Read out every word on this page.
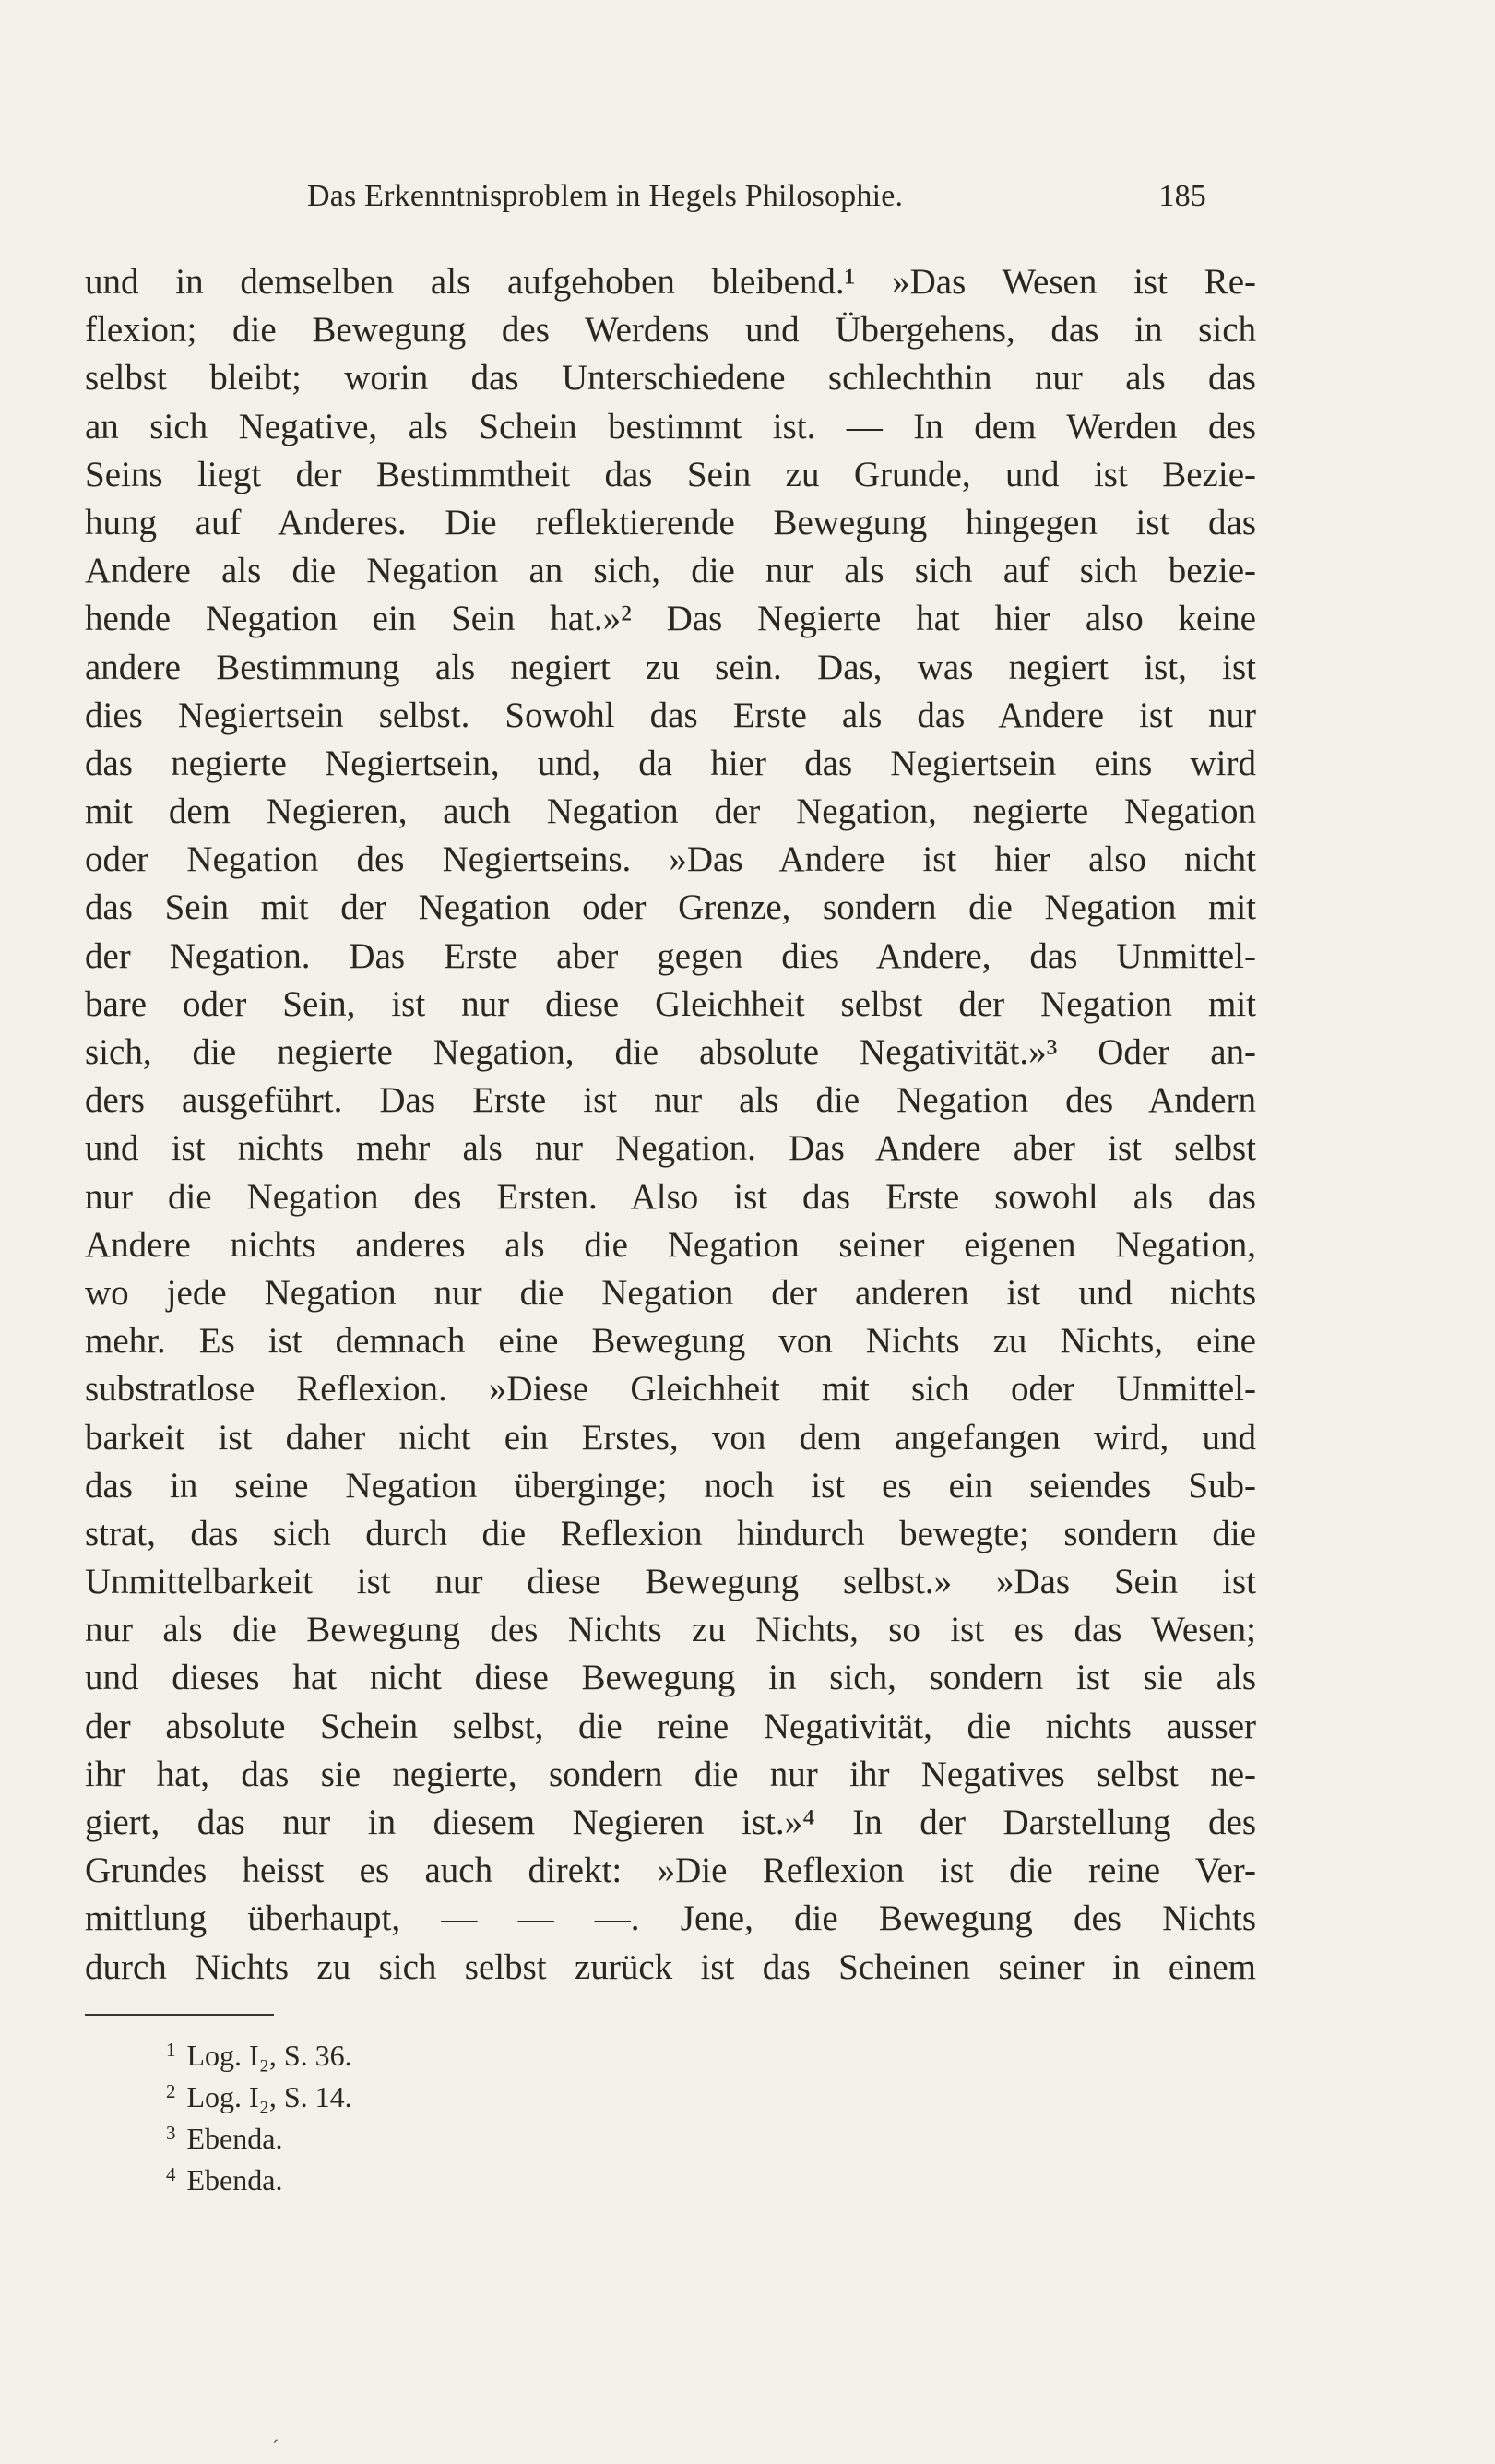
Das Erkenntnisproblem in Hegels Philosophie.	185
und in demselben als aufgehoben bleibend.¹ »Das Wesen ist Re-
flexion; die Bewegung des Werdens und Übergehens, das in sich
selbst bleibt; worin das Unterschiedene schlechthin nur als das
an sich Negative, als Schein bestimmt ist. — In dem Werden des
Seins liegt der Bestimmtheit das Sein zu Grunde, und ist Bezie-
hung auf Anderes. Die reflektierende Bewegung hingegen ist das
Andere als die Negation an sich, die nur als sich auf sich bezie-
hende Negation ein Sein hat.»² Das Negierte hat hier also keine
andere Bestimmung als negiert zu sein. Das, was negiert ist, ist
dies Negiertsein selbst. Sowohl das Erste als das Andere ist nur
das negierte Negiertsein, und, da hier das Negiertsein eins wird
mit dem Negieren, auch Negation der Negation, negierte Negation
oder Negation des Negiertseins. »Das Andere ist hier also nicht
das Sein mit der Negation oder Grenze, sondern die Negation mit
der Negation. Das Erste aber gegen dies Andere, das Unmittel-
bare oder Sein, ist nur diese Gleichheit selbst der Negation mit
sich, die negierte Negation, die absolute Negativität.»³ Oder an-
ders ausgeführt. Das Erste ist nur als die Negation des Andern
und ist nichts mehr als nur Negation. Das Andere aber ist selbst
nur die Negation des Ersten. Also ist das Erste sowohl als das
Andere nichts anderes als die Negation seiner eigenen Negation,
wo jede Negation nur die Negation der anderen ist und nichts
mehr. Es ist demnach eine Bewegung von Nichts zu Nichts, eine
substratlose Reflexion. »Diese Gleichheit mit sich oder Unmittel-
barkeit ist daher nicht ein Erstes, von dem angefangen wird, und
das in seine Negation überginge; noch ist es ein seiendes Sub-
strat, das sich durch die Reflexion hindurch bewegte; sondern die
Unmittelbarkeit ist nur diese Bewegung selbst.» »Das Sein ist
nur als die Bewegung des Nichts zu Nichts, so ist es das Wesen;
und dieses hat nicht diese Bewegung in sich, sondern ist sie als
der absolute Schein selbst, die reine Negativität, die nichts ausser
ihr hat, das sie negierte, sondern die nur ihr Negatives selbst ne-
giert, das nur in diesem Negieren ist.»⁴ In der Darstellung des
Grundes heisst es auch direkt: »Die Reflexion ist die reine Ver-
mittlung überhaupt, — — —. Jene, die Bewegung des Nichts
durch Nichts zu sich selbst zurück ist das Scheinen seiner in einem
$^1$ Log. I₂, S. 36.
$^2$ Log. I₂, S. 14.
$^3$ Ebenda.
$^4$ Ebenda.
ˊ
